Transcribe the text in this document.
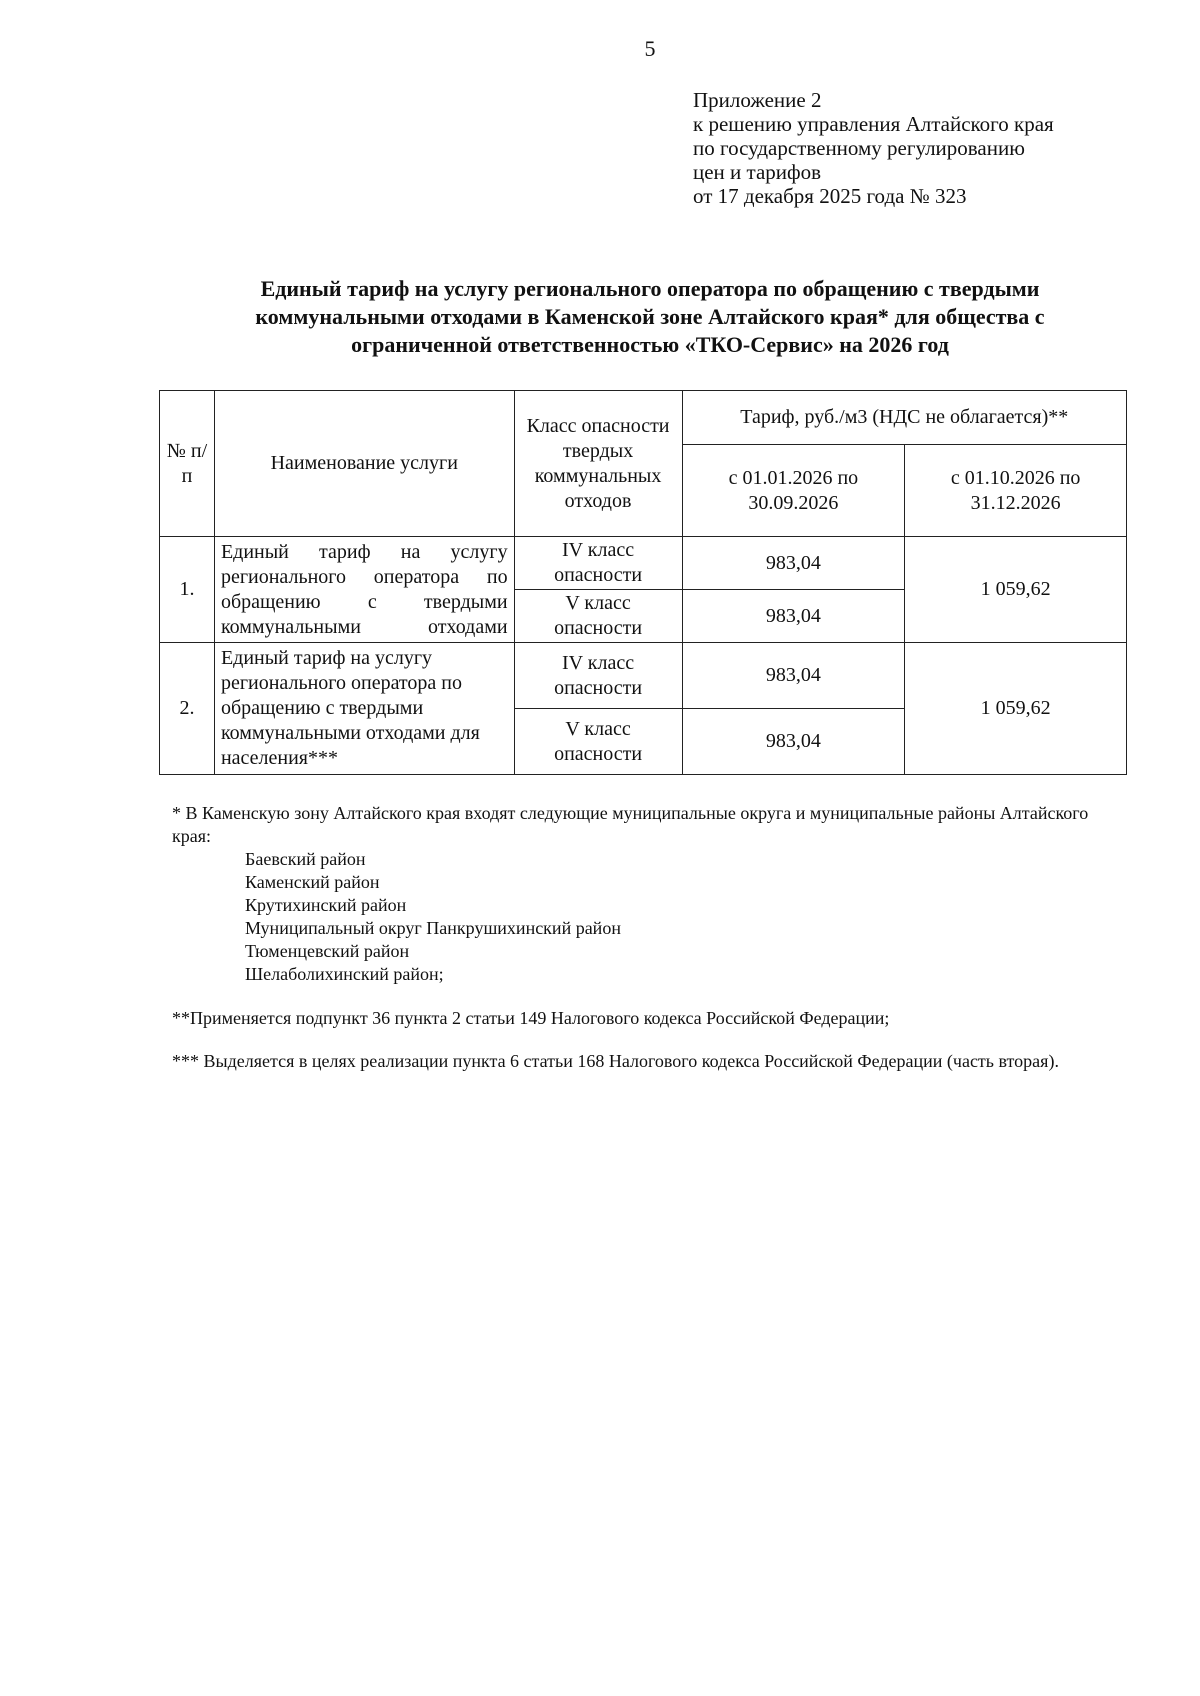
5
Приложение 2
к решению управления Алтайского края
по государственному регулированию
цен и тарифов
от 17 декабря 2025 года № 323
Единый тариф на услугу регионального оператора по обращению с твердыми
коммунальными отходами в Каменской зоне Алтайского края* для общества с
ограниченной ответственностью «ТКО-Сервис» на 2026 год
№ п/п	Наименование услуги	Класс опасности твердых коммунальных отходов	Тариф, руб./м3 (НДС не облагается)**	
			с 01.01.2026 по 30.09.2026	с 01.10.2026 по 31.12.2026
1.	Единый тариф на услугу регионального оператора по обращению с твердыми коммунальными отходами	IV класс опасности	983,04	1 059,62
		V класс опасности	983,04	
2.	Единый тариф на услугу регионального оператора по обращению с твердыми коммунальными отходами для населения***	IV класс опасности	983,04	1 059,62
		V класс опасности	983,04	

* В Каменскую зону Алтайского края входят следующие муниципальные округа и муниципальные районы Алтайского края:

Баевский район
Каменский район
Крутихинский район
Муниципальный округ Панкрушихинский район
Тюменцевский район
Шелаболихинский район;

**Применяется подпункт 36 пункта 2 статьи 149 Налогового кодекса Российской Федерации;

*** Выделяется в целях реализации пункта 6 статьи 168 Налогового кодекса Российской Федерации (часть вторая).
